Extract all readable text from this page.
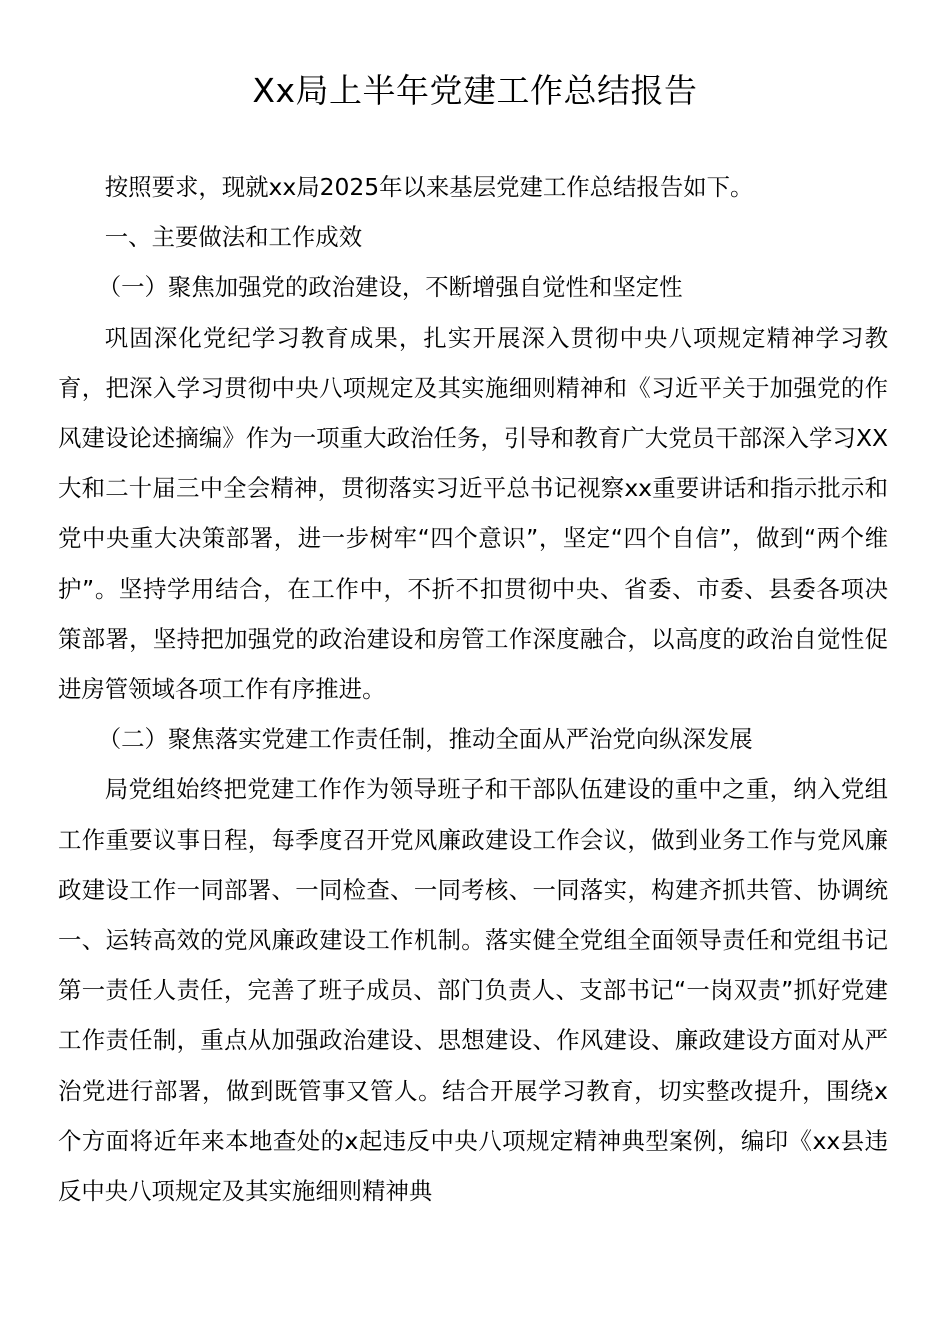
Xx局上半年党建工作总结报告

按照要求，现就xx局2025年以来基层党建工作总结报告如下。

一、主要做法和工作成效

（一）聚焦加强党的政治建设，不断增强自觉性和坚定性

巩固深化党纪学习教育成果，扎实开展深入贯彻中央八项规定精神学习教育，把深入学习贯彻中央八项规定及其实施细则精神和《习近平关于加强党的作风建设论述摘编》作为一项重大政治任务，引导和教育广大党员干部深入学习XX大和二十届三中全会精神，贯彻落实习近平总书记视察xx重要讲话和指示批示和党中央重大决策部署，进一步树牢“四个意识”，坚定“四个自信”，做到“两个维护”。坚持学用结合，在工作中，不折不扣贯彻中央、省委、市委、县委各项决策部署，坚持把加强党的政治建设和房管工作深度融合，以高度的政治自觉性促进房管领域各项工作有序推进。

（二）聚焦落实党建工作责任制，推动全面从严治党向纵深发展

局党组始终把党建工作作为领导班子和干部队伍建设的重中之重，纳入党组工作重要议事日程，每季度召开党风廉政建设工作会议，做到业务工作与党风廉政建设工作一同部署、一同检查、一同考核、一同落实，构建齐抓共管、协调统一、运转高效的党风廉政建设工作机制。落实健全党组全面领导责任和党组书记第一责任人责任，完善了班子成员、部门负责人、支部书记“一岗双责”抓好党建工作责任制，重点从加强政治建设、思想建设、作风建设、廉政建设方面对从严治党进行部署，做到既管事又管人。结合开展学习教育，切实整改提升，围绕x个方面将近年来本地查处的x起违反中央八项规定精神典型案例，编印《xx县违反中央八项规定及其实施细则精神典
